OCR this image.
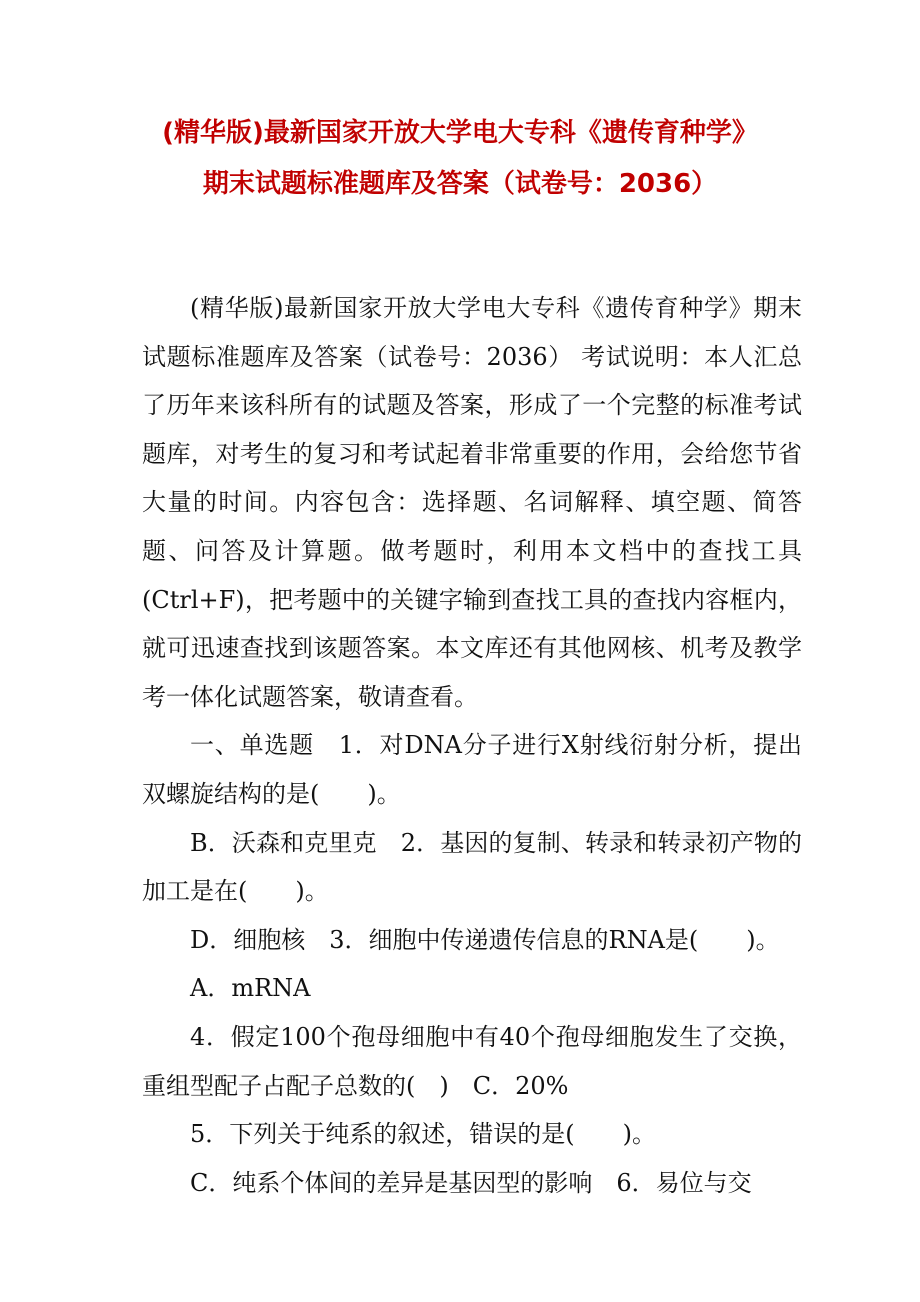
(精华版)最新国家开放大学电大专科《遗传育种学》
期末试题标准题库及答案（试卷号：2036）

(精华版)最新国家开放大学电大专科《遗传育种学》期末试题标准题库及答案（试卷号：2036） 考试说明：本人汇总了历年来该科所有的试题及答案，形成了一个完整的标准考试题库，对考生的复习和考试起着非常重要的作用，会给您节省大量的时间。内容包含：选择题、名词解释、填空题、简答题、问答及计算题。做考题时，利用本文档中的查找工具(Ctrl+F)，把考题中的关键字输到查找工具的查找内容框内，就可迅速查找到该题答案。本文库还有其他网核、机考及教学考一体化试题答案，敬请查看。

一、单选题　1．对DNA分子进行X射线衍射分析，提出双螺旋结构的是(　　)。

B．沃森和克里克　2．基因的复制、转录和转录初产物的加工是在(　　)。

D．细胞核　3．细胞中传递遗传信息的RNA是(　　)。

A．mRNA

4．假定100个孢母细胞中有40个孢母细胞发生了交换，重组型配子占配子总数的(　)　C．20%

5．下列关于纯系的叙述，错误的是(　　)。

C．纯系个体间的差异是基因型的影响　6．易位与交
